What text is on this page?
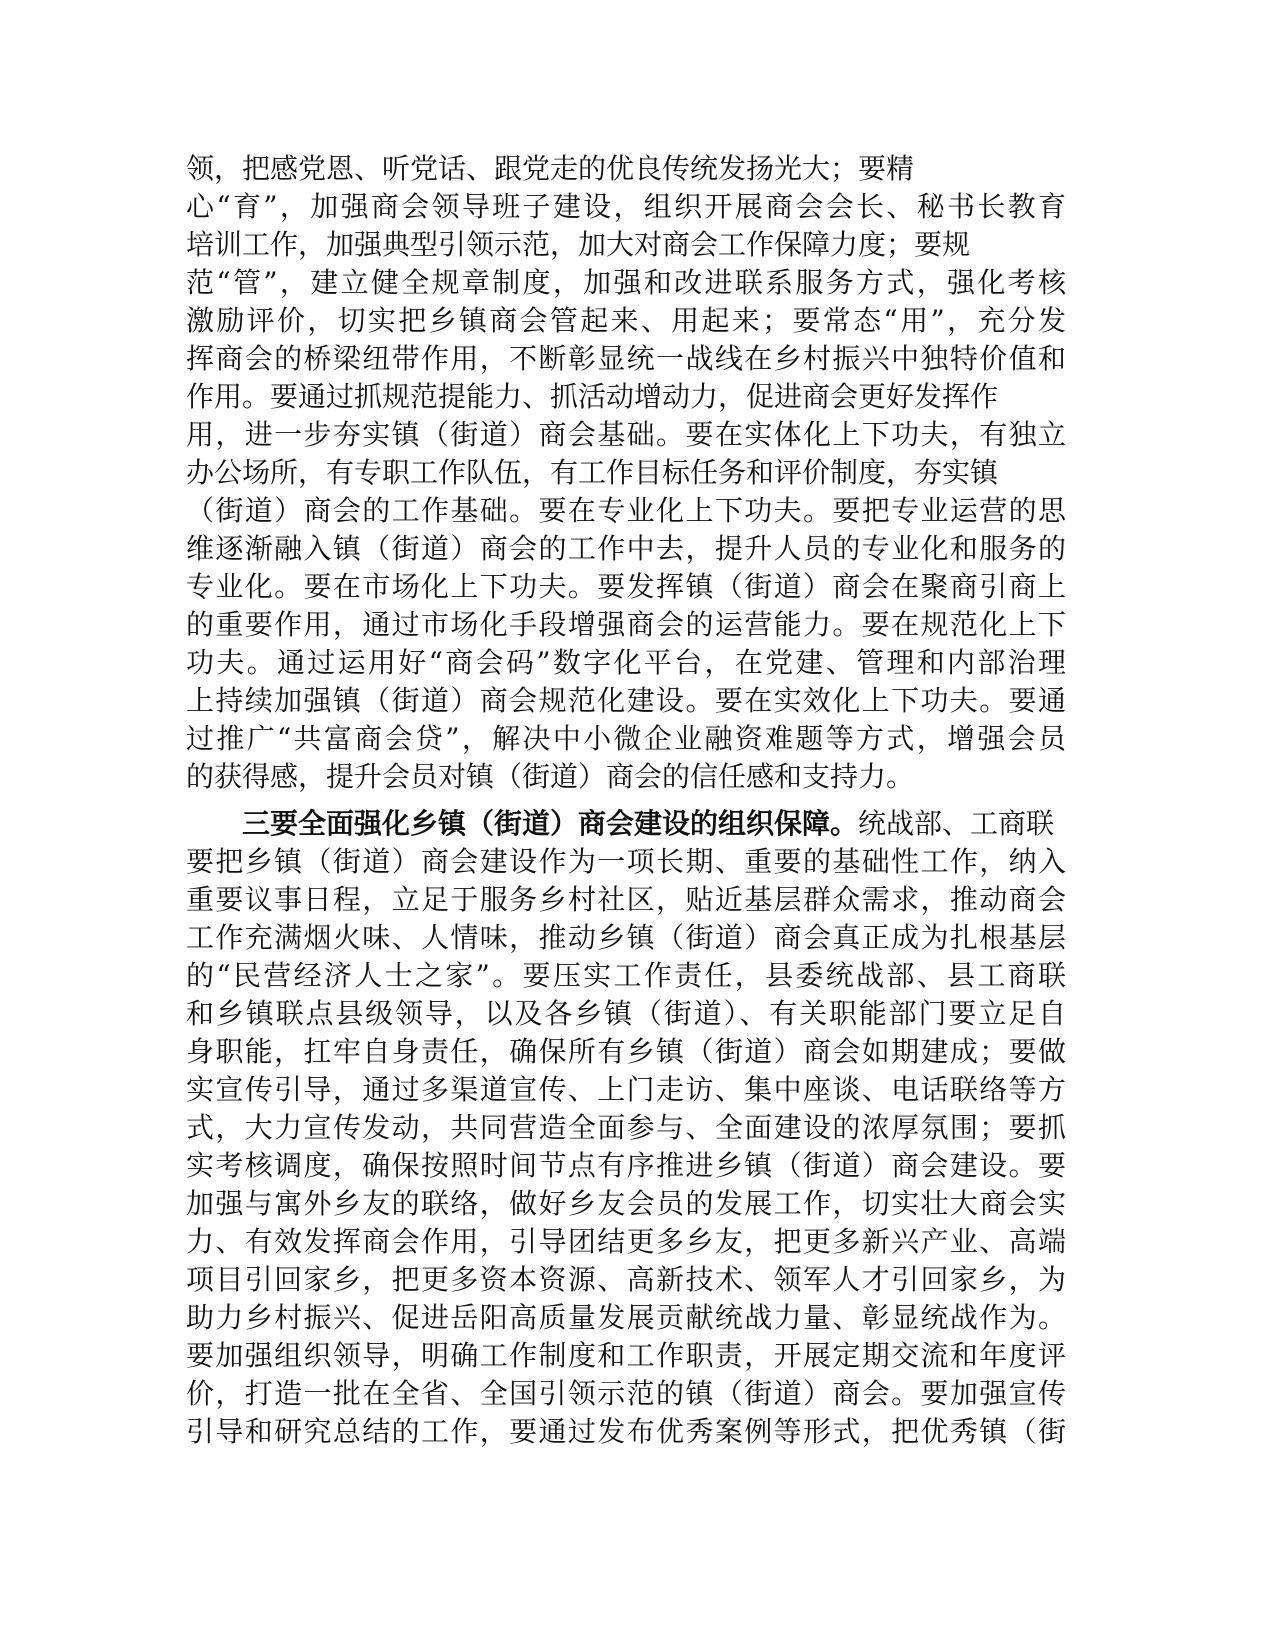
领，把感党恩、听党话、跟党走的优良传统发扬光大；要精
心“育”，加强商会领导班子建设，组织开展商会会长、秘书长教育
培训工作，加强典型引领示范，加大对商会工作保障力度；要规
范“管”，建立健全规章制度，加强和改进联系服务方式，强化考核
激励评价，切实把乡镇商会管起来、用起来；要常态“用”，充分发
挥商会的桥梁纽带作用，不断彰显统一战线在乡村振兴中独特价值和
作用。要通过抓规范提能力、抓活动增动力，促进商会更好发挥作
用，进一步夯实镇（街道）商会基础。要在实体化上下功夫，有独立
办公场所，有专职工作队伍，有工作目标任务和评价制度，夯实镇
（街道）商会的工作基础。要在专业化上下功夫。要把专业运营的思
维逐渐融入镇（街道）商会的工作中去，提升人员的专业化和服务的
专业化。要在市场化上下功夫。要发挥镇（街道）商会在聚商引商上
的重要作用，通过市场化手段增强商会的运营能力。要在规范化上下
功夫。通过运用好“商会码”数字化平台，在党建、管理和内部治理
上持续加强镇（街道）商会规范化建设。要在实效化上下功夫。要通
过推广“共富商会贷”，解决中小微企业融资难题等方式，增强会员
的获得感，提升会员对镇（街道）商会的信任感和支持力。
三要全面强化乡镇（街道）商会建设的组织保障。统战部、工商联
要把乡镇（街道）商会建设作为一项长期、重要的基础性工作，纳入
重要议事日程，立足于服务乡村社区，贴近基层群众需求，推动商会
工作充满烟火味、人情味，推动乡镇（街道）商会真正成为扎根基层
的“民营经济人士之家”。要压实工作责任，县委统战部、县工商联
和乡镇联点县级领导，以及各乡镇（街道）、有关职能部门要立足自
身职能，扛牢自身责任，确保所有乡镇（街道）商会如期建成；要做
实宣传引导，通过多渠道宣传、上门走访、集中座谈、电话联络等方
式，大力宣传发动，共同营造全面参与、全面建设的浓厚氛围；要抓
实考核调度，确保按照时间节点有序推进乡镇（街道）商会建设。要
加强与寓外乡友的联络，做好乡友会员的发展工作，切实壮大商会实
力、有效发挥商会作用，引导团结更多乡友，把更多新兴产业、高端
项目引回家乡，把更多资本资源、高新技术、领军人才引回家乡，为
助力乡村振兴、促进岳阳高质量发展贡献统战力量、彰显统战作为。
要加强组织领导，明确工作制度和工作职责，开展定期交流和年度评
价，打造一批在全省、全国引领示范的镇（街道）商会。要加强宣传
引导和研究总结的工作，要通过发布优秀案例等形式，把优秀镇（街
